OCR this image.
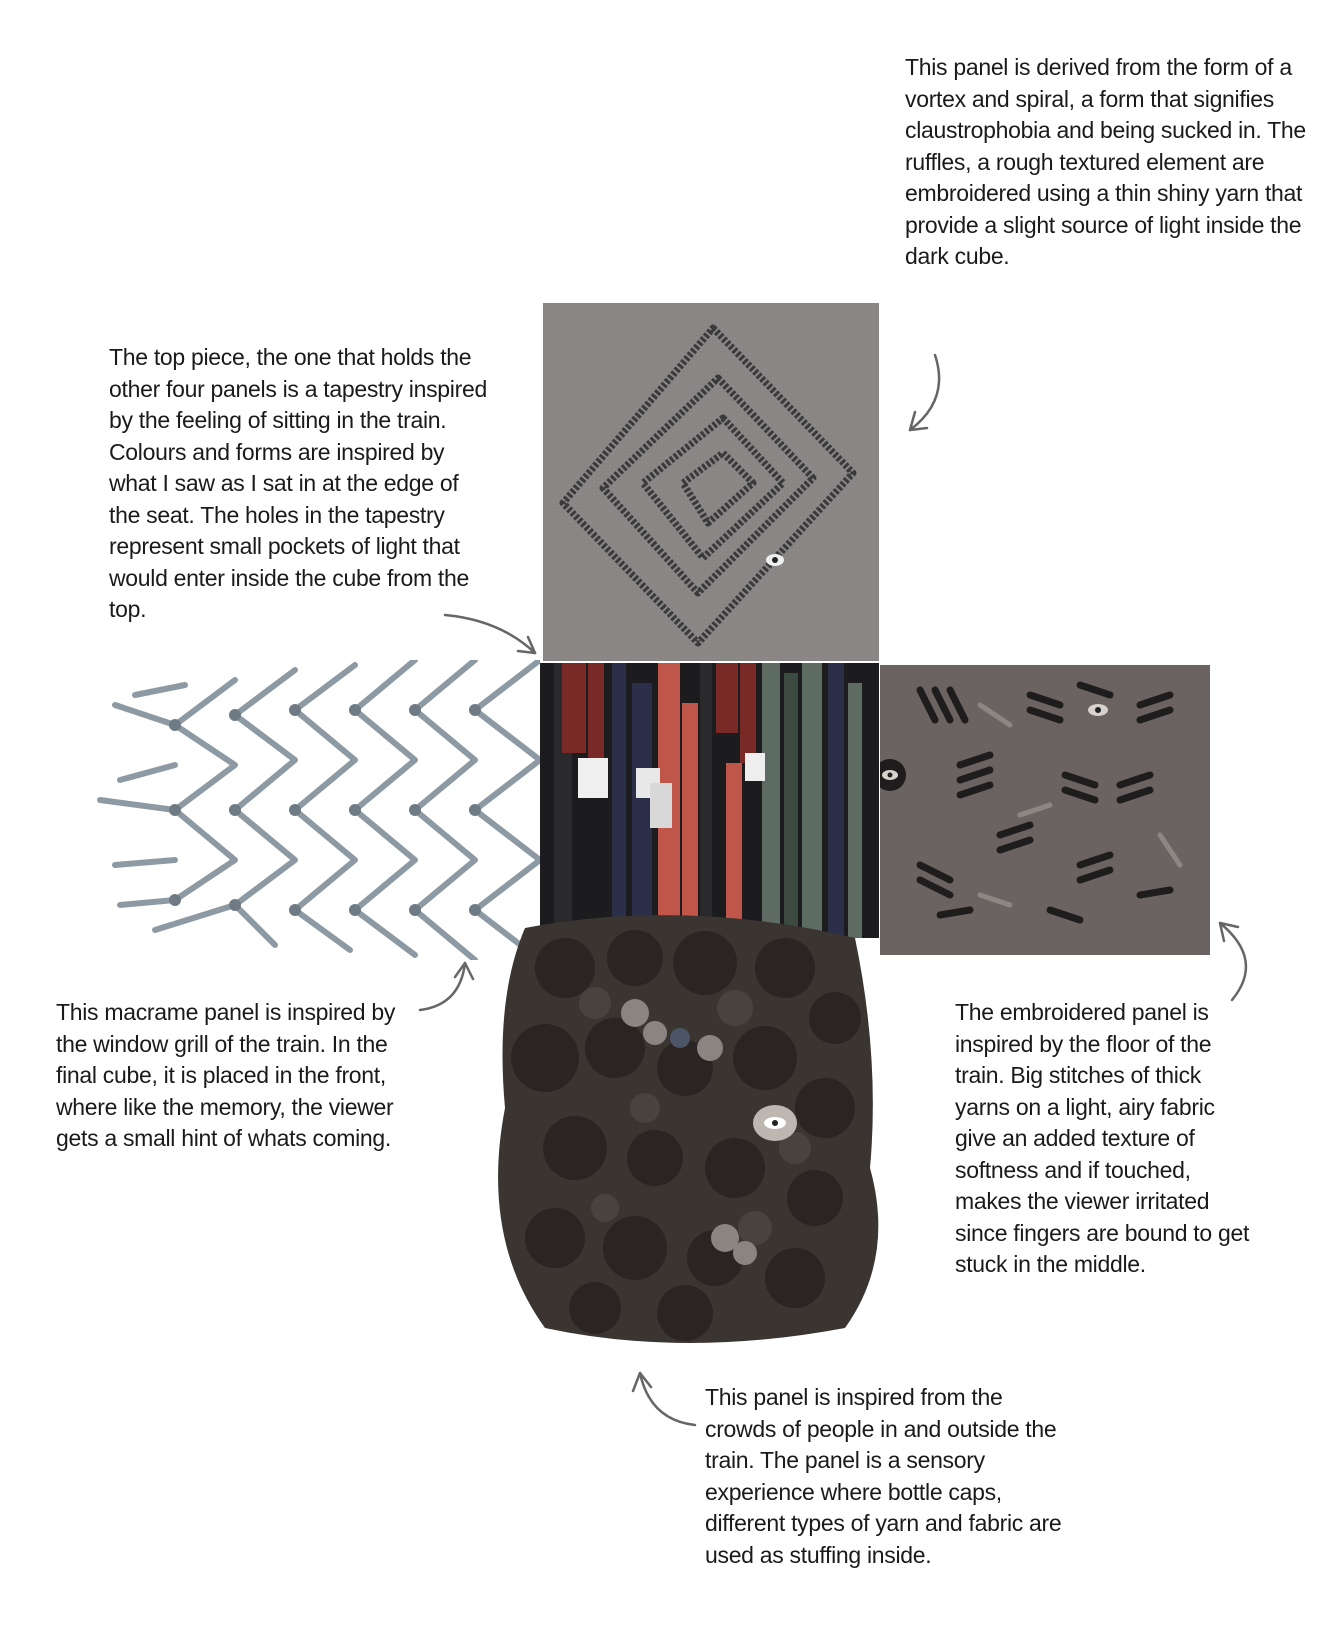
This panel is derived from the form of a vortex and spiral, a form that signifies claustrophobia and being sucked in. The ruffles, a rough textured element are embroidered using a thin shiny yarn that provide a slight source of light inside the dark cube.

The top piece, the one that holds the other four panels is a tapestry inspired by the feeling of sitting in the train. Colours and forms are inspired by what I saw as I sat in at the edge of the seat. The holes in the tapestry represent small pockets of light that would enter inside the cube from the top.

This macrame panel is inspired by the window grill of the train. In the final cube, it is placed in the front, where like the memory, the viewer gets a small hint of whats coming.

The embroidered panel is inspired by the floor of the train. Big stitches of thick yarns on a light, airy fabric give an added texture of softness and if touched, makes the viewer irritated since fingers are bound to get stuck in the middle.

This panel is inspired from the crowds of people in and outside the train. The panel is a sensory experience where bottle caps, different types of yarn and fabric are used as stuffing inside.
